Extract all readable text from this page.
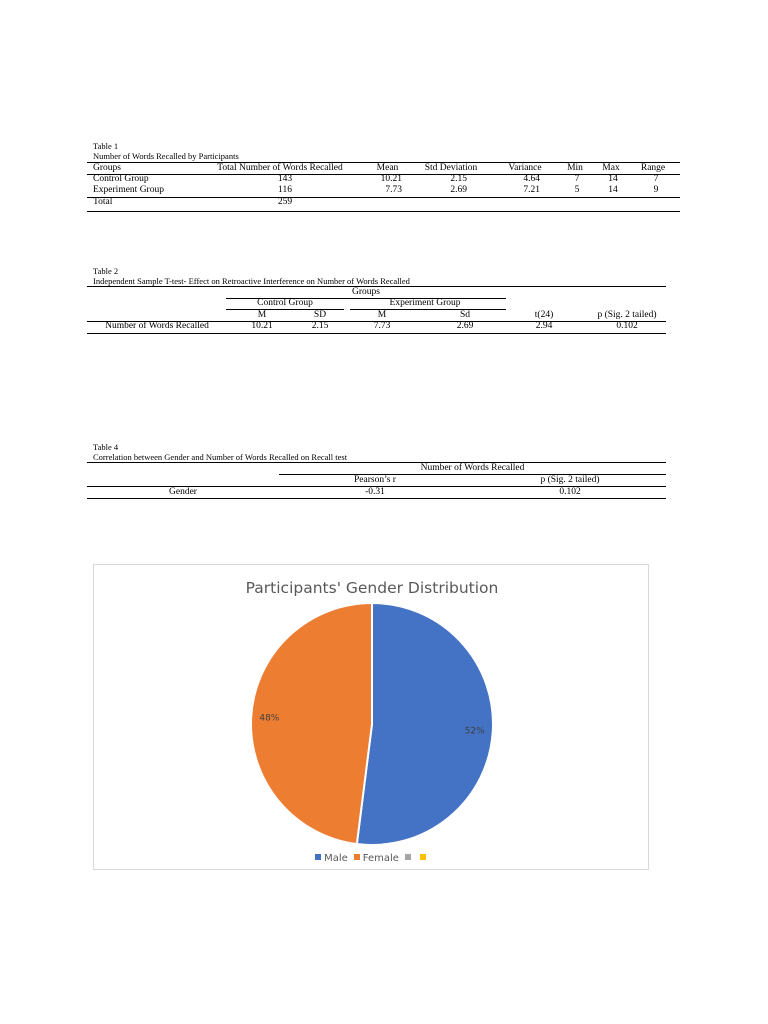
Table 1
Number of Words Recalled by Participants
Groups	Total Number of Words Recalled	Mean	Std Deviation	Variance	Min	Max	Range
Control Group	143	10.21	2.15	4.64	7	14	7
Experiment Group	116	7.73	2.69	7.21	5	14	9
Total	259
Table 2
Independent Sample T-test- Effect on Retroactive Interference on Number of Words Recalled
Groups
Control Group	Experiment Group
M	SD	M	Sd	t(24)	p (Sig. 2 tailed)
Number of Words Recalled	10.21	2.15	7.73	2.69	2.94	0.102
Table 4
Correlation between Gender and Number of Words Recalled on Recall test
Number of Words Recalled
Pearson’s r	p (Sig. 2 tailed)
Gender	-0.31	0.102
Participants' Gender Distribution
52%
48%
Male Female
